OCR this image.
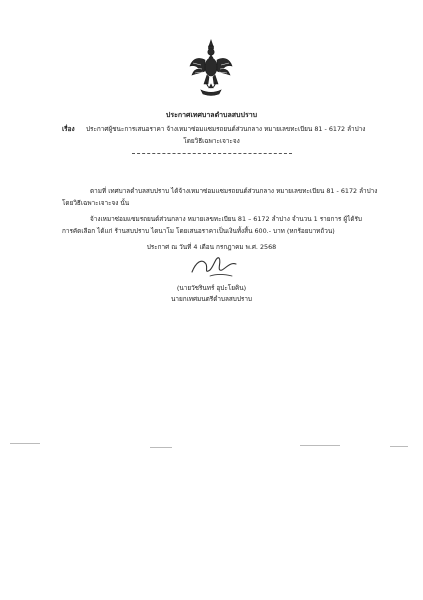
ประกาศเทศบาลตำบลสบปราบ
เรื่อง ประกาศผู้ชนะการเสนอราคา จ้างเหมาซ่อมแซมรถยนต์ส่วนกลาง หมายเลขทะเบียน 81 - 6172 ลำปาง
โดยวิธีเฉพาะเจาะจง
ตามที่ เทศบาลตำบลสบปราบ ได้จ้างเหมาซ่อมแซมรถยนต์ส่วนกลาง หมายเลขทะเบียน 81 - 6172 ลำปาง
โดยวิธีเฉพาะเจาะจง นั้น
จ้างเหมาซ่อมแซมรถยนต์ส่วนกลาง หมายเลขทะเบียน 81 – 6172 ลำปาง จำนวน 1 รายการ ผู้ได้รับ
การคัดเลือก ได้แก่ ร้านสบปราบ ไดนาโม โดยเสนอราคาเป็นเงินทั้งสิ้น 600.- บาท (หกร้อยบาทถ้วน)
ประกาศ ณ วันที่ 4 เดือน กรกฎาคม พ.ศ. 2568
(นายวัชรินทร์ อุปะโยคิน)
นายกเทศมนตรีตำบลสบปราบ
